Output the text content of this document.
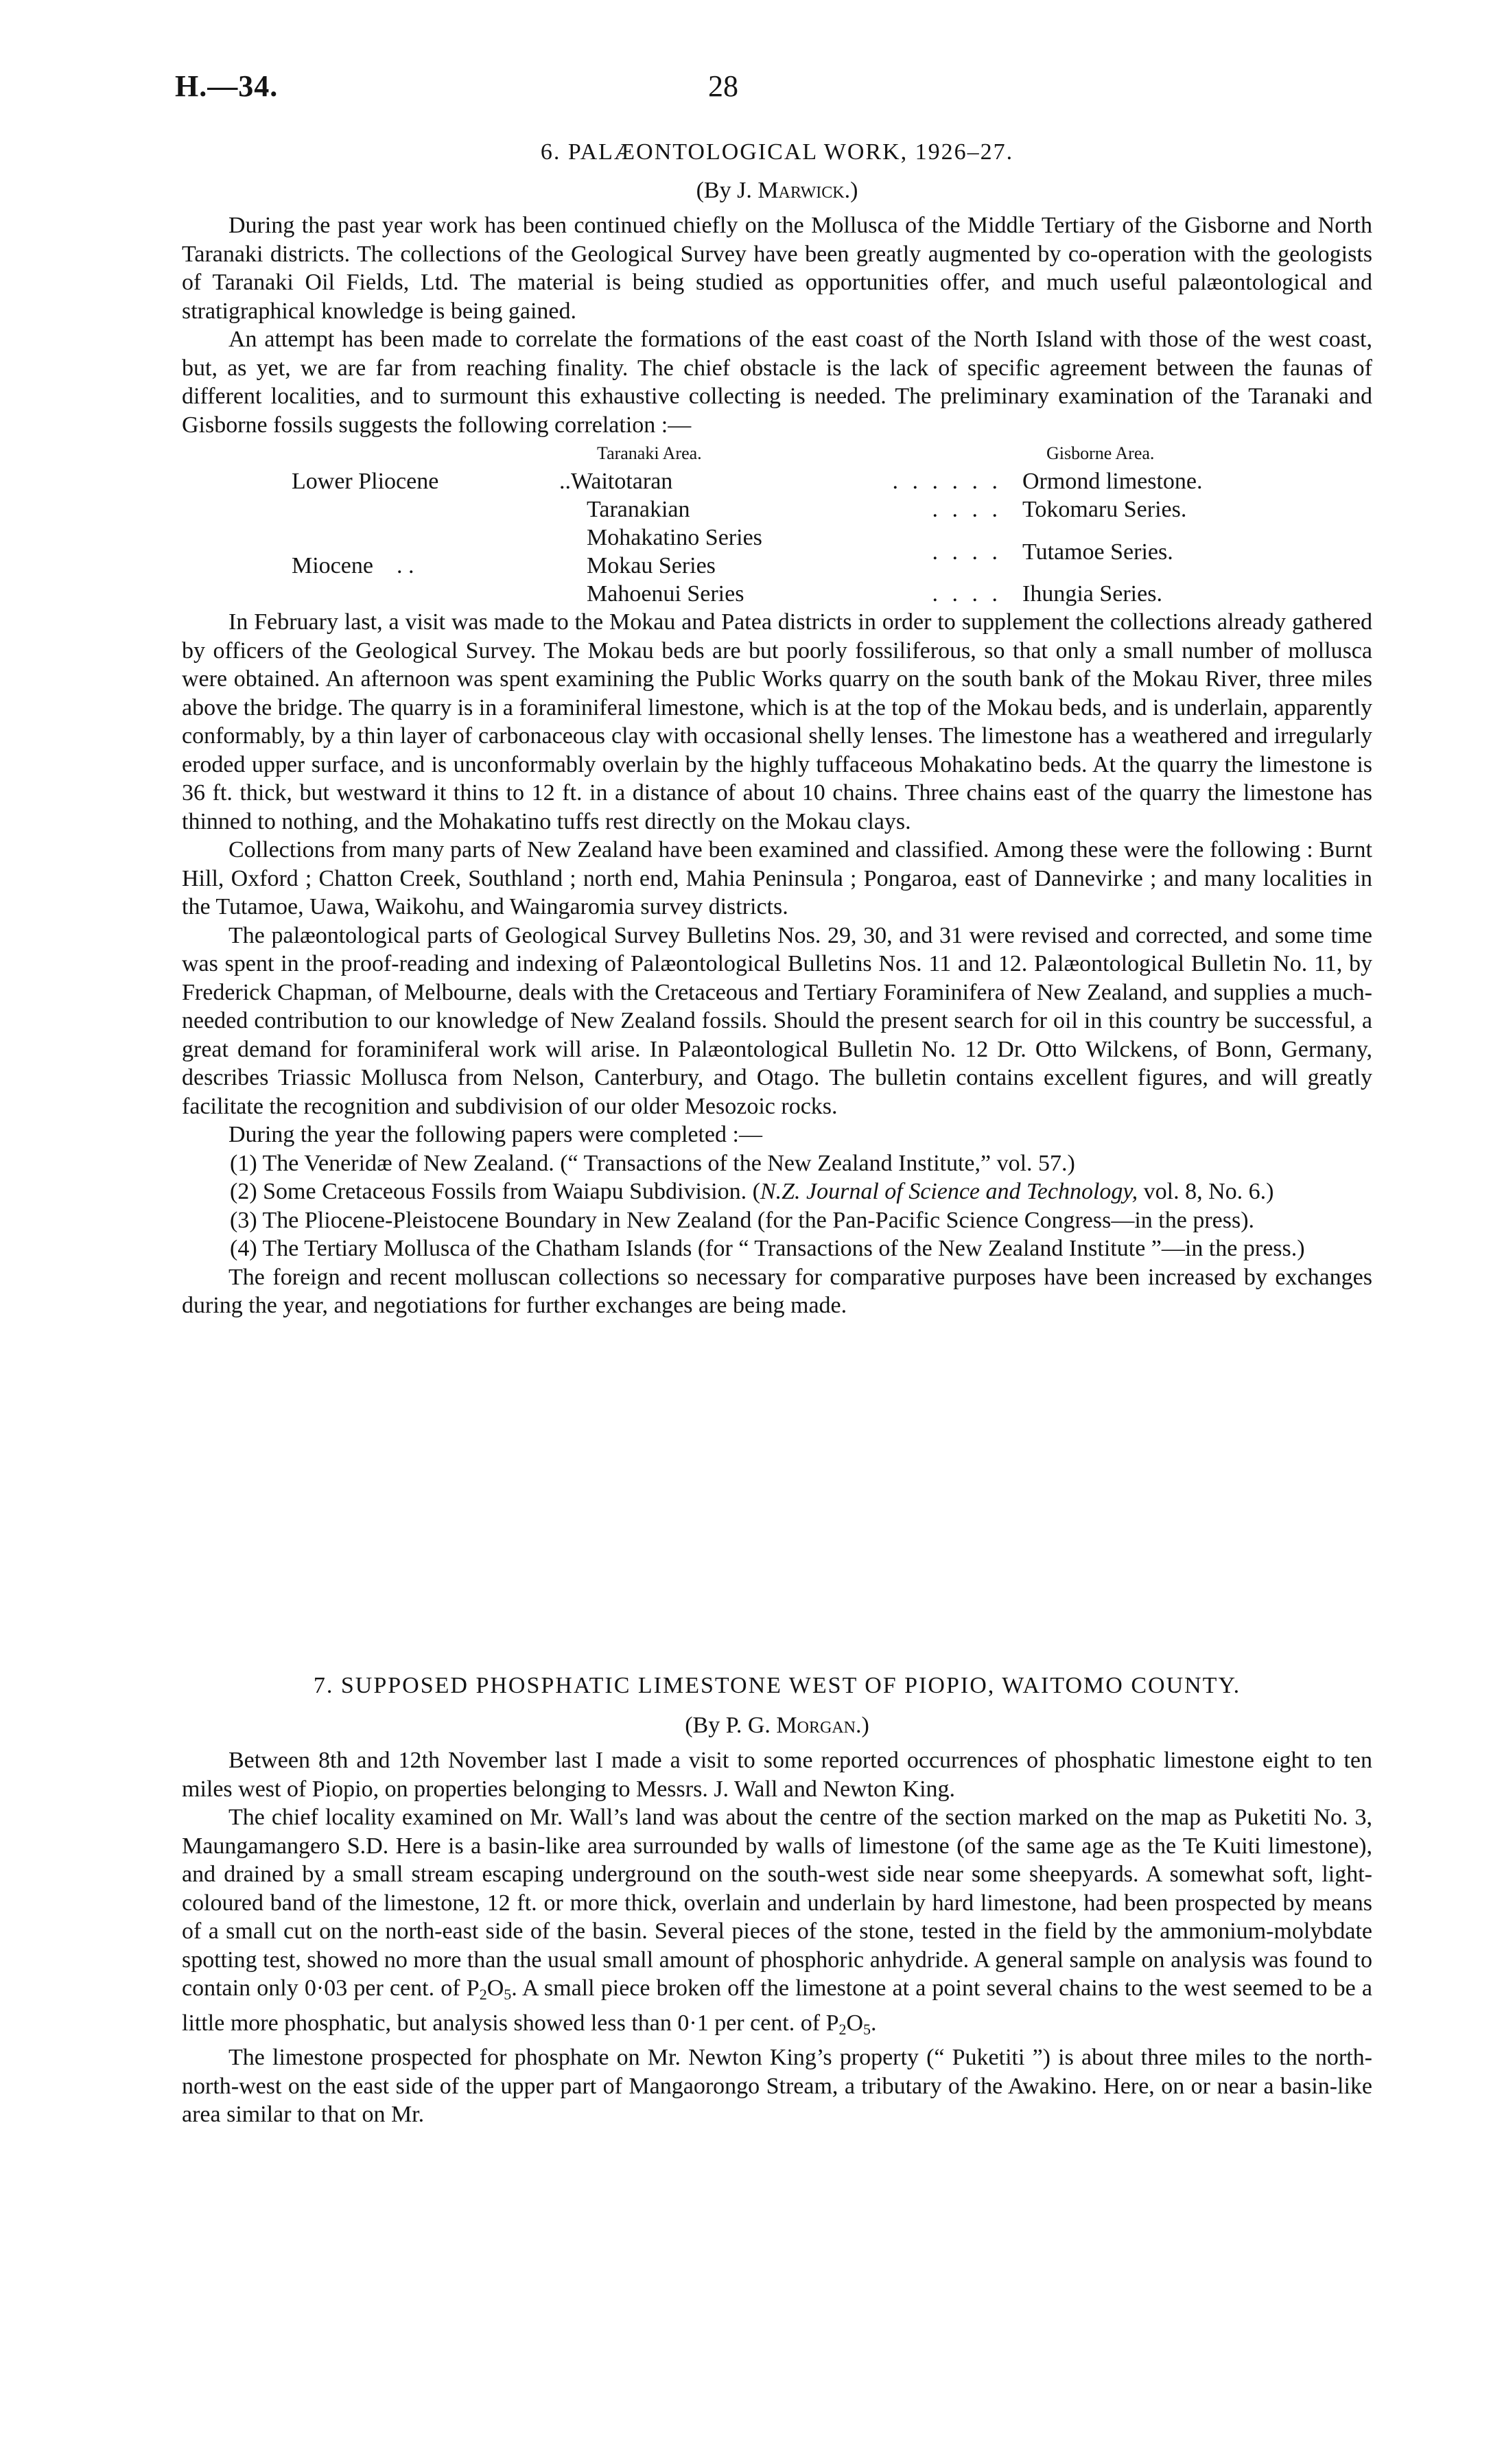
H.—34.	28
6. PALÆONTOLOGICAL WORK, 1926–27.
(By J. Marwick.)

During the past year work has been continued chiefly on the Mollusca of the Middle Tertiary of the Gisborne and North Taranaki districts. The collections of the Geological Survey have been greatly augmented by co-operation with the geologists of Taranaki Oil Fields, Ltd. The material is being studied as opportunities offer, and much useful palæontological and stratigraphical knowledge is being gained.

An attempt has been made to correlate the formations of the east coast of the North Island with those of the west coast, but, as yet, we are far from reaching finality. The chief obstacle is the lack of specific agreement between the faunas of different localities, and to surmount this exhaustive collecting is needed. The preliminary examination of the Taranaki and Gisborne fossils suggests the following correlation :—

	Taranaki Area.		Gisborne Area.
Lower Pliocene	..Waitotaran	. . . . . .	Ormond limestone.
	Taranakian	. . . .	Tokomaru Series.
	Mohakatino Series	. . . .	Tutamoe Series.
Miocene . .	Mokau Series		
	Mahoenui Series	. . . .	Ihungia Series.

In February last, a visit was made to the Mokau and Patea districts in order to supplement the collections already gathered by officers of the Geological Survey. The Mokau beds are but poorly fossiliferous, so that only a small number of mollusca were obtained. An afternoon was spent examining the Public Works quarry on the south bank of the Mokau River, three miles above the bridge. The quarry is in a foraminiferal limestone, which is at the top of the Mokau beds, and is underlain, apparently conformably, by a thin layer of carbonaceous clay with occasional shelly lenses. The limestone has a weathered and irregularly eroded upper surface, and is unconformably overlain by the highly tuffaceous Mohakatino beds. At the quarry the limestone is 36 ft. thick, but westward it thins to 12 ft. in a distance of about 10 chains. Three chains east of the quarry the limestone has thinned to nothing, and the Mohakatino tuffs rest directly on the Mokau clays.

Collections from many parts of New Zealand have been examined and classified. Among these were the following : Burnt Hill, Oxford ; Chatton Creek, Southland ; north end, Mahia Peninsula ; Pongaroa, east of Dannevirke ; and many localities in the Tutamoe, Uawa, Waikohu, and Waingaromia survey districts.

The palæontological parts of Geological Survey Bulletins Nos. 29, 30, and 31 were revised and corrected, and some time was spent in the proof-reading and indexing of Palæontological Bulletins Nos. 11 and 12. Palæontological Bulletin No. 11, by Frederick Chapman, of Melbourne, deals with the Cretaceous and Tertiary Foraminifera of New Zealand, and supplies a much-needed contribution to our knowledge of New Zealand fossils. Should the present search for oil in this country be successful, a great demand for foraminiferal work will arise. In Palæontological Bulletin No. 12 Dr. Otto Wilckens, of Bonn, Germany, describes Triassic Mollusca from Nelson, Canterbury, and Otago. The bulletin contains excellent figures, and will greatly facilitate the recognition and subdivision of our older Mesozoic rocks.

During the year the following papers were completed :—

(1) The Veneridæ of New Zealand. (“ Transactions of the New Zealand Institute,” vol. 57.)
(2) Some Cretaceous Fossils from Waiapu Subdivision. (N.Z. Journal of Science and Technology, vol. 8, No. 6.)
(3) The Pliocene-Pleistocene Boundary in New Zealand (for the Pan-Pacific Science Congress—in the press).
(4) The Tertiary Mollusca of the Chatham Islands (for “ Transactions of the New Zealand Institute ”—in the press.)

The foreign and recent molluscan collections so necessary for comparative purposes have been increased by exchanges during the year, and negotiations for further exchanges are being made.

7. SUPPOSED PHOSPHATIC LIMESTONE WEST OF PIOPIO, WAITOMO COUNTY.
(By P. G. Morgan.)

Between 8th and 12th November last I made a visit to some reported occurrences of phosphatic limestone eight to ten miles west of Piopio, on properties belonging to Messrs. J. Wall and Newton King.

The chief locality examined on Mr. Wall’s land was about the centre of the section marked on the map as Puketiti No. 3, Maungamangero S.D. Here is a basin-like area surrounded by walls of limestone (of the same age as the Te Kuiti limestone), and drained by a small stream escaping underground on the south-west side near some sheepyards. A somewhat soft, light-coloured band of the limestone, 12 ft. or more thick, overlain and underlain by hard limestone, had been prospected by means of a small cut on the north-east side of the basin. Several pieces of the stone, tested in the field by the ammonium-molybdate spotting test, showed no more than the usual small amount of phosphoric anhydride. A general sample on analysis was found to contain only 0·03 per cent. of $P_2O_5$. A small piece broken off the limestone at a point several chains to the west seemed to be a little more phosphatic, but analysis showed less than 0·1 per cent. of $P_2O_5$.

The limestone prospected for phosphate on Mr. Newton King’s property (“ Puketiti ”) is about three miles to the north-north-west on the east side of the upper part of Mangaorongo Stream, a tributary of the Awakino. Here, on or near a basin-like area similar to that on Mr.
